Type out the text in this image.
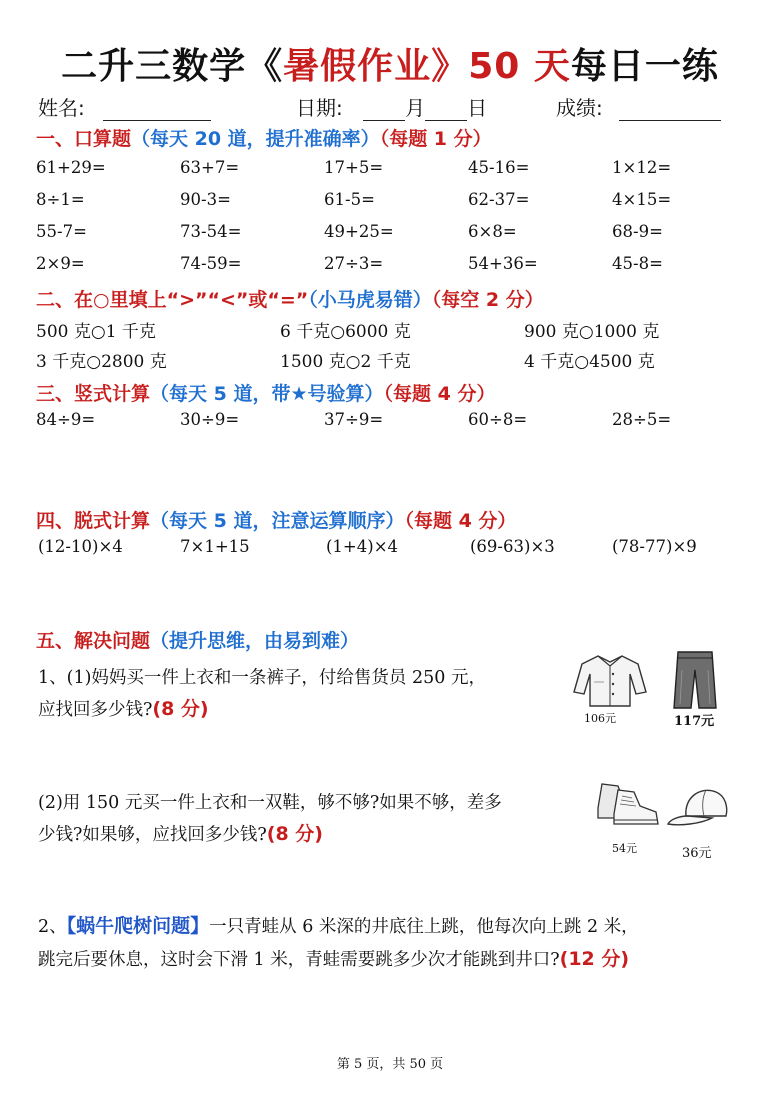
二升三数学《暑假作业》50 天每日一练
姓名:	日期:	月 日	成绩:
一、口算题（每天 20 道，提升准确率）（每题 1 分）
61+29=	63+7=	17+5=	45-16=	1×12=
8÷1=	90-3=	61-5=	62-37=	4×15=
55-7=	73-54=	49+25=	6×8=	68-9=
2×9=	74-59=	27÷3=	54+36=	45-8=
二、在○里填上“>”“<”或“=”（小马虎易错）（每空 2 分）
500 克○1 千克	6 千克○6000 克	900 克○1000 克
3 千克○2800 克	1500 克○2 千克	4 千克○4500 克
三、竖式计算（每天 5 道，带★号验算）（每题 4 分）
84÷9=	30÷9=	37÷9=	60÷8=	28÷5=
四、脱式计算（每天 5 道，注意运算顺序）（每题 4 分）
(12-10)×4	7×1+15	(1+4)×4	(69-63)×3	(78-77)×9
五、解决问题（提升思维，由易到难）
1、(1)妈妈买一件上衣和一条裤子，付给售货员 250 元，
应找回多少钱?(8 分)	106元	117元
(2)用 150 元买一件上衣和一双鞋，够不够?如果不够，差多
少钱?如果够，应找回多少钱?(8 分)
54元	36元
2、【蜗牛爬树问题】一只青蛙从 6 米深的井底往上跳，他每次向上跳 2 米，
跳完后要休息，这时会下滑 1 米，青蛙需要跳多少次才能跳到井口?(12 分)
第 5 页，共 50 页
